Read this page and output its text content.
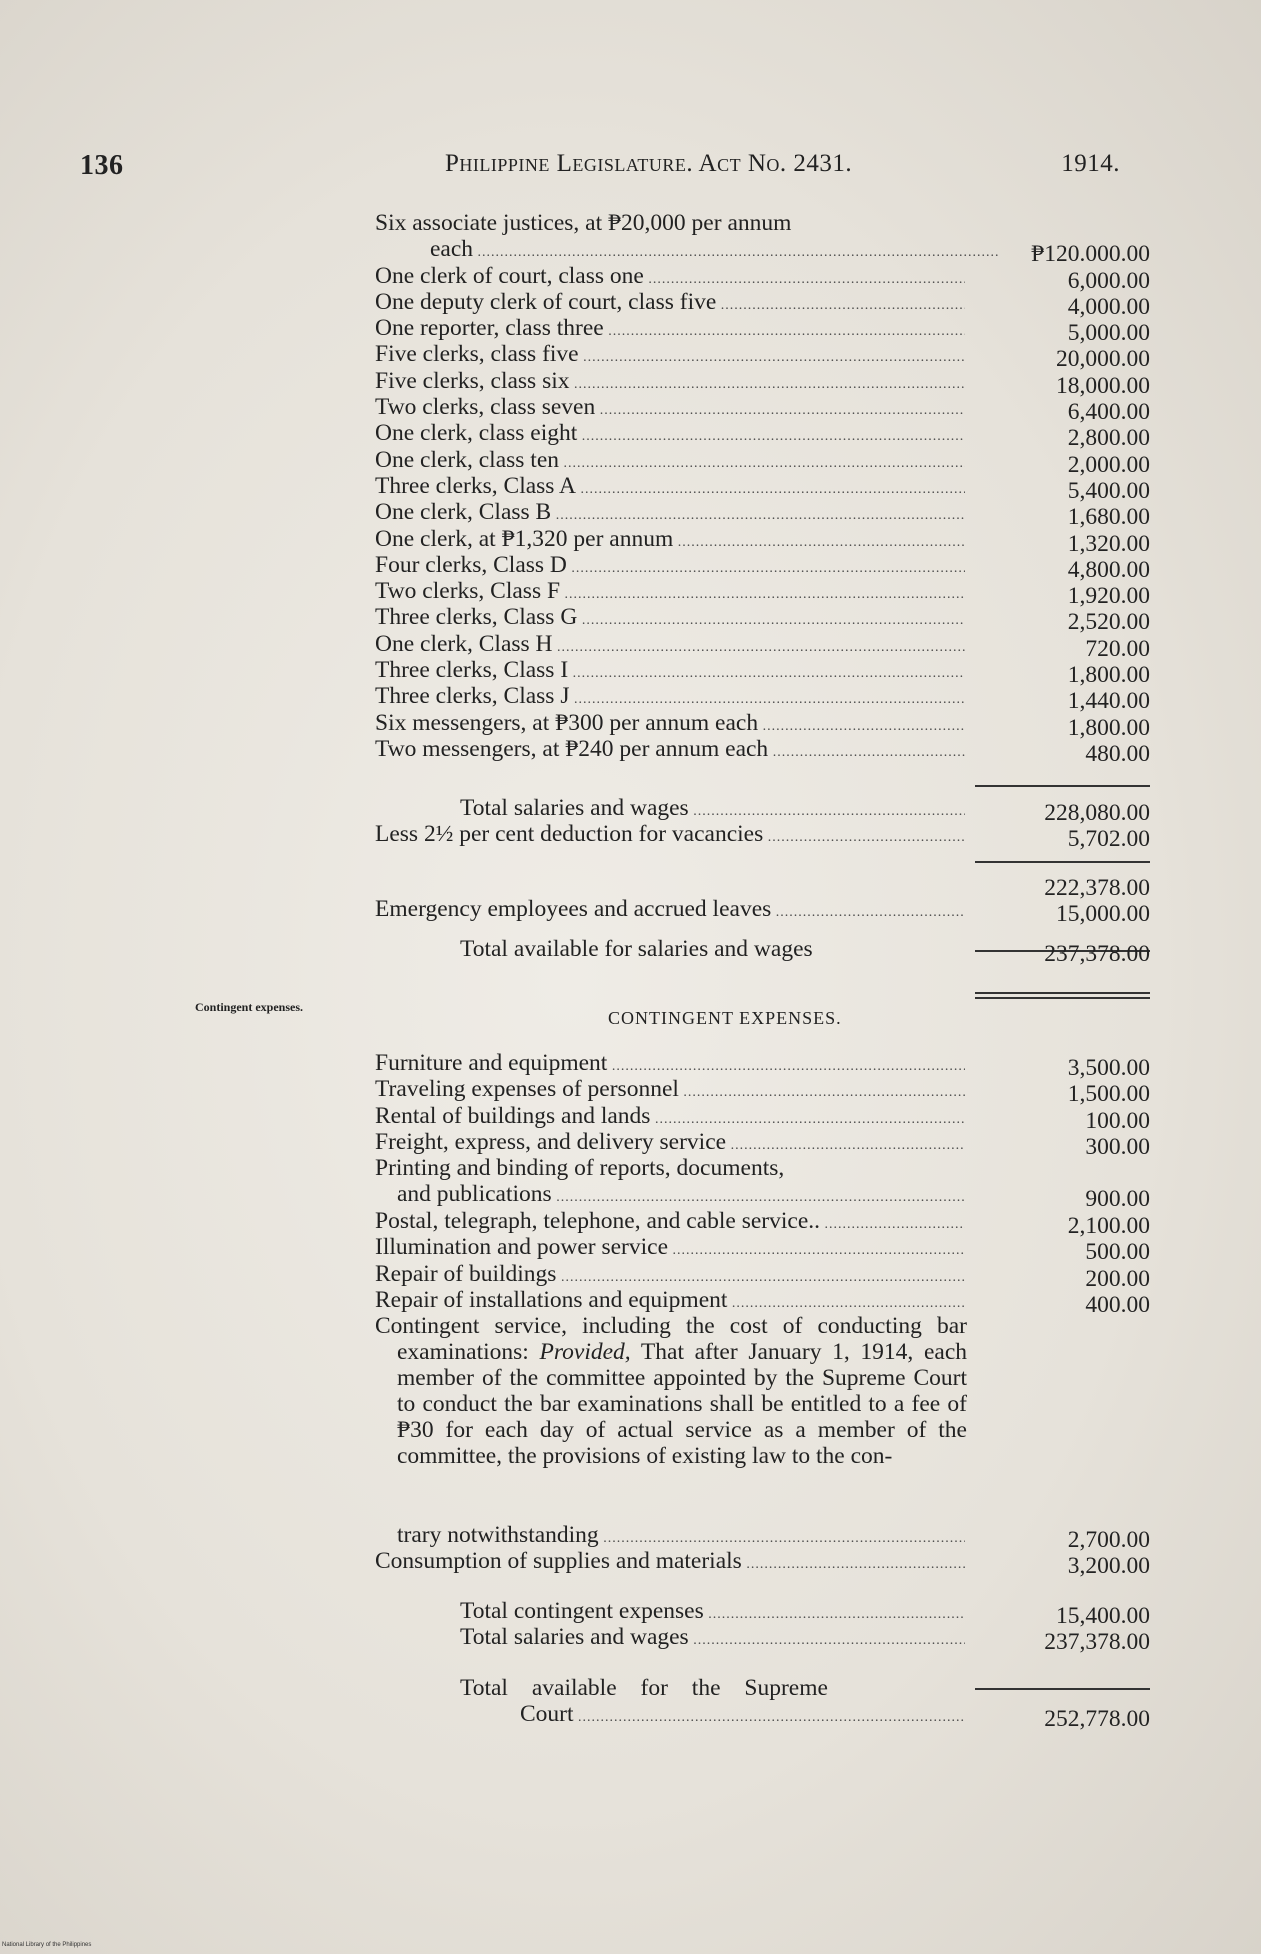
136	Philippine Legislature. Act No. 2431.	1914.
Six associate justices, at ₱20,000 per annum
each .....	₱120.000.00
One clerk of court, class one .....	6,000.00
One deputy clerk of court, class five .....	4,000.00
One reporter, class three .....	5,000.00
Five clerks, class five .....	20,000.00
Five clerks, class six .....	18,000.00
Two clerks, class seven .....	6,400.00
One clerk, class eight .....	2,800.00
One clerk, class ten .....	2,000.00
Three clerks, Class A .....	5,400.00
One clerk, Class B .....	1,680.00
One clerk, at ₱1,320 per annum .....	1,320.00
Four clerks, Class D .....	4,800.00
Two clerks, Class F .....	1,920.00
Three clerks, Class G .....	2,520.00
One clerk, Class H .....	720.00
Three clerks, Class I .....	1,800.00
Three clerks, Class J .....	1,440.00
Six messengers, at ₱300 per annum each .....	1,800.00
Two messengers, at ₱240 per annum each .....	480.00
Total salaries and wages .....	228,080.00
Less 2½ per cent deduction for vacancies .....	5,702.00
222,378.00
Emergency employees and accrued leaves .....	15,000.00
Total available for salaries and wages	237,378.00
Contingent expenses.
CONTINGENT EXPENSES.
Furniture and equipment .....	3,500.00
Traveling expenses of personnel .....	1,500.00
Rental of buildings and lands .....	100.00
Freight, express, and delivery service .....	300.00
Printing and binding of reports, documents,
and publications .....	900.00
Postal, telegraph, telephone, and cable service.. .....	2,100.00
Illumination and power service .....	500.00
Repair of buildings .....	200.00
Repair of installations and equipment .....	400.00
Contingent service, including the cost of conducting bar examinations: Provided, That after January 1, 1914, each member of the committee appointed by the Supreme Court to conduct the bar examinations shall be entitled to a fee of ₱30 for each day of actual service as a member of the committee, the provisions of existing law to the con-
trary notwithstanding .....	2,700.00
Consumption of supplies and materials .....	3,200.00
Total contingent expenses .....	15,400.00
Total salaries and wages .....	237,378.00
Total available for the Supreme
Court .....	252,778.00
National Library of the Philippines
